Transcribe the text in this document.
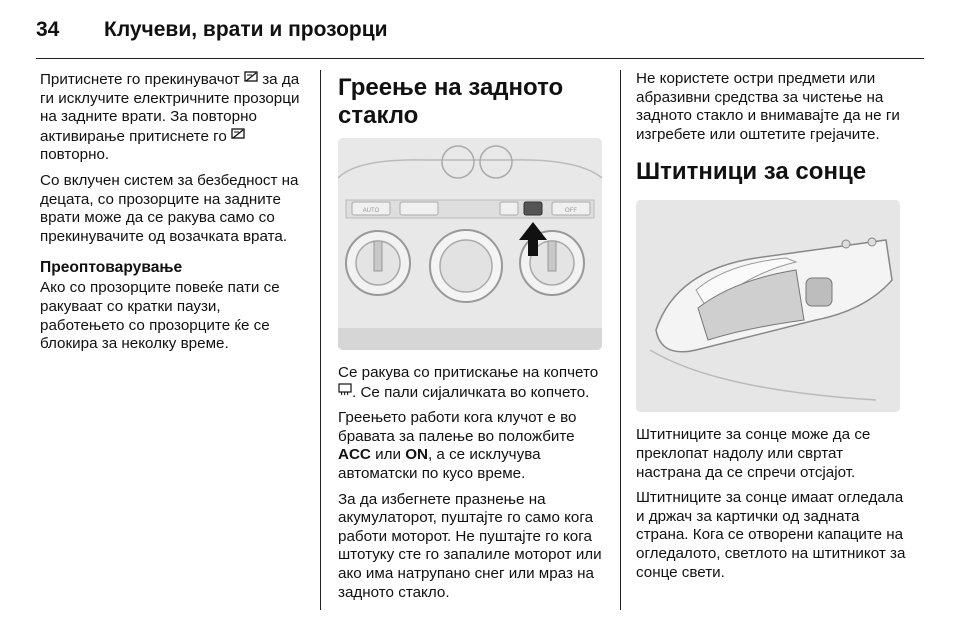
34 Клучеви, врати и прозорци

Притиснете го прекинувачот  за да ги исклучите електричните прозорци на задните врати. За повторно активирање притиснете го  повторно.

Со вклучен систем за безбедност на децата, со прозорците на задните врати може да се ракува само со прекинувачите од возачката врата.

Преоптоварување

Ако со прозорците повеќе пати се ракуваат со кратки паузи, работењето со прозорците ќе се блокира за неколку време.

Греење на задното стакло
AUTO	OFF

Се ракува со притискање на копчето . Се пали сијаличката во копчето.

Греењето работи кога клучот е во бравата за палење во положбите ACC или ON, а се исклучува автоматски по кусо време.

За да избегнете празнење на акумулаторот, пуштајте го само кога работи моторот. Не пуштајте го кога штотуку сте го запалиле моторот или ако има натрупано снег или мраз на задното стакло.

Не користете остри предмети или абразивни средства за чистење на задното стакло и внимавајте да не ги изгребете или оштетите грејачите.

Штитници за сонце

Штитниците за сонце може да се преклопат надолу или свртат настрана да се спречи отсјајот.

Штитниците за сонце имаат огледала и држач за картички од задната страна. Кога се отворени капаците на огледалото, светлото на штитникот за сонце свети.
